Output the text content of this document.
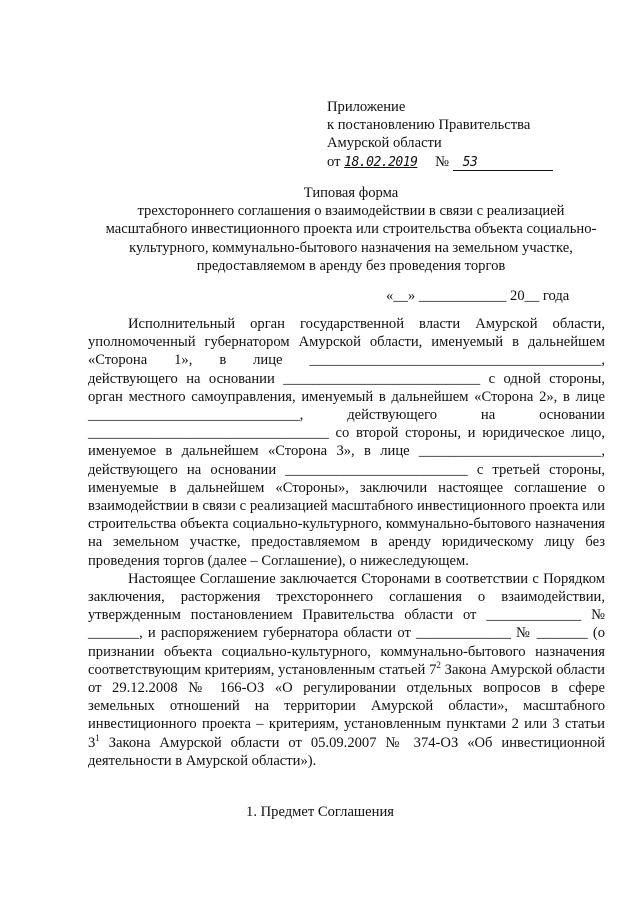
Приложение
к постановлению Правительства
Амурской области
от 18.02.2019 № 53
Типовая форма
трехстороннего соглашения о взаимодействии в связи с реализацией
масштабного инвестиционного проекта или строительства объекта социально-
культурного, коммунально-бытового назначения на земельном участке,
предоставляемом в аренду без проведения торгов
«__» ____________ 20__ года

Исполнительный орган государственной власти Амурской области, уполномоченный губернатором Амурской области, именуемый в дальнейшем «Сторона 1», в лице ________________________________________, действующего на основании ___________________________ с одной стороны, орган местного самоуправления, именуемый в дальнейшем «Сторона 2», в лице _____________________________, действующего на основании _________________________________ со второй стороны, и юридическое лицо, именуемое в дальнейшем «Сторона 3», в лице _________________________, действующего на основании _________________________ с третьей стороны, именуемые в дальнейшем «Стороны», заключили настоящее соглашение о взаимодействии в связи с реализацией масштабного инвестиционного проекта или строительства объекта социально-культурного, коммунально-бытового назначения на земельном участке, предоставляемом в аренду юридическому лицу без проведения торгов (далее – Соглашение), о нижеследующем.

Настоящее Соглашение заключается Сторонами в соответствии с Порядком заключения, расторжения трехстороннего соглашения о взаимодействии, утвержденным постановлением Правительства области от _____________ № _______, и распоряжением губернатора области от _____________ № _______ (о признании объекта социально-культурного, коммунально-бытового назначения соответствующим критериям, установленным статьей $7^2$ Закона Амурской области от 29.12.2008 № 166-ОЗ «О регулировании отдельных вопросов в сфере земельных отношений на территории Амурской области», масштабного инвестиционного проекта – критериям, установленным пунктами 2 или 3 статьи $3^1$ Закона Амурской области от 05.09.2007 № 374-ОЗ «Об инвестиционной деятельности в Амурской области»).

1. Предмет Соглашения
